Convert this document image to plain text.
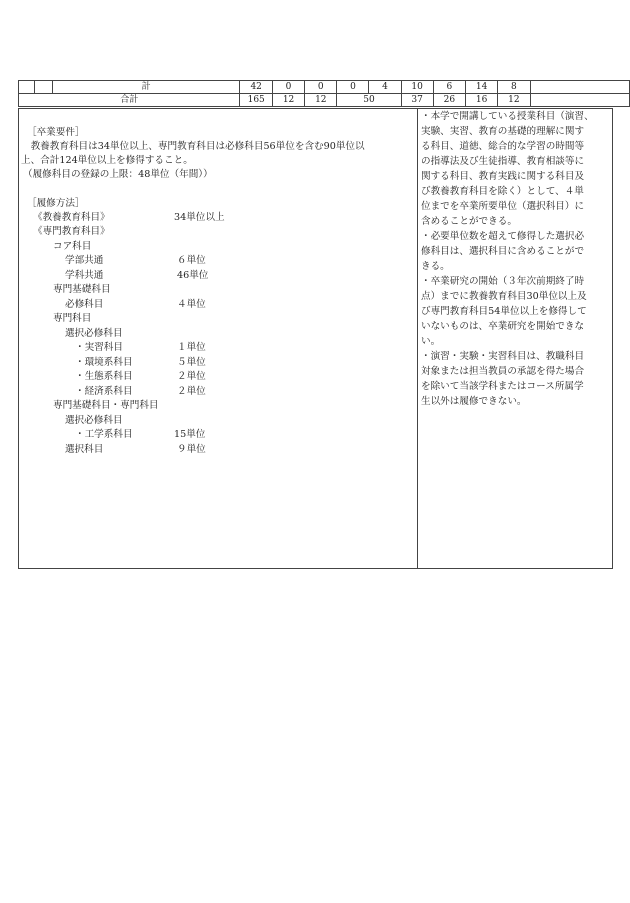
		計	42	0	0	0	4	10	6	14	8	
合計			165	12	12	50		37	26	16	12	
［卒業要件］
　教養教育科目は34単位以上、専門教育科目は必修科目56単位を含む90単位以
上、合計124単位以上を修得すること。
（履修科目の登録の上限：48単位（年間））
［履修方法］
《教養教育科目》	34単位以上
《専門教育科目》
コア科目
学部共通	６単位
学科共通	46単位
専門基礎科目
必修科目	４単位
専門科目
選択必修科目
・実習科目	１単位
・環境系科目	５単位
・生態系科目	２単位
・経済系科目	２単位
専門基礎科目・専門科目
選択必修科目
・工学系科目	15単位
選択科目	９単位
・本学で開講している授業科目（演習、
実験、実習、教育の基礎的理解に関す
る科目、道徳、総合的な学習の時間等
の指導法及び生徒指導、教育相談等に
関する科目、教育実践に関する科目及
び教養教育科目を除く）として、４単
位までを卒業所要単位（選択科目）に
含めることができる。
・必要単位数を超えて修得した選択必
修科目は、選択科目に含めることがで
きる。
・卒業研究の開始（３年次前期終了時
点）までに教養教育科目30単位以上及
び専門教育科目54単位以上を修得して
いないものは、卒業研究を開始できな
い。
・演習・実験・実習科目は、教職科目
対象または担当教員の承認を得た場合
を除いて当該学科またはコース所属学
生以外は履修できない。
